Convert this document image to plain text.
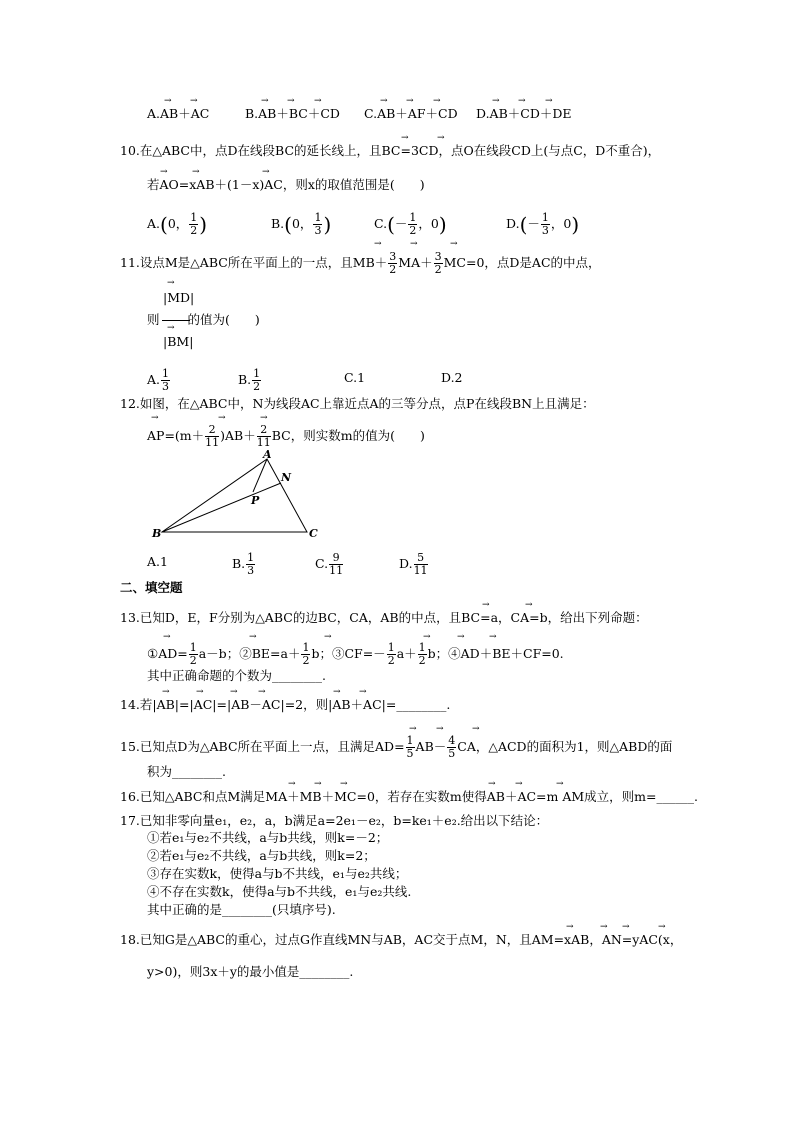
A.AB＋AC	B.AB＋BC＋CD C.AB＋AF＋CD D.AB＋CD＋DE
→ →	→ → →	→ → →	→ → →
10.在△ABC中，点D在线段BC的延长线上，且BC=3CD，点O在线段CD上(与点C，D不重合)，
→	→
若AO=xAB＋(1－x)AC，则x的取值范围是(　　)
→	→	→
A.(0， $\frac{1}{2}$ )	B.(0， $\frac{1}{3}$ )	$C.(- \frac{1}{2}$ ，0)	$D.(- \frac{1}{3}$ ，0)
11.设点M是△ABC所在平面上的一点，且$MB+ \frac{3}{2} MA+ \frac{3}{2} MC=0$，点D是AC的中点，
→	→	→
→
|MD|
则 的值为(　　)
→
|BM|
A. $\frac{1}{3}$	B. $\frac{1}{2}$	C.1	D.2
12.如图，在△ABC中，N为线段AC上靠近点A的三等分点，点P在线段BN上且满足：
$AP=(m+ \frac{2}{11} )AB+ \frac{2}{11}$ BC，则实数m的值为(　　)
→	→	→
A
N
P
B	C
A.1	B. $\frac{1}{3}$	C. $\frac{9}{11}$	D. $\frac{5}{11}$
二、填空题
13.已知D，E，F分别为△ABC的边BC，CA，AB的中点，且BC=a，CA=b，给出下列命题：
→	→
①AD= $\frac{1}{2} a-b$；②BE=a＋ $\frac{1}{2}$ b；③CF=－ $\frac{1}{2} a+ \frac{1}{2}$ b；④AD＋BE＋CF=0.
→	→	→	→	→	→
其中正确命题的个数为________.
14.若|AB|=|AC|=|AB－AC|=2，则|AB＋AC|=________.
→	→	→ →	→ →
15.已知点D为△ABC所在平面上一点，且满足$AD= \frac{1}{5} AB- \frac{4}{5}$ CA，△ACD的面积为1，则△ABD的面
→ →	→
积为________.
16.已知△ABC和点M满足MA＋MB＋MC=0，若存在实数m使得AB＋AC=m AM成立，则m=______.
→ → →	→ →	→
17.已知非零向量e₁，e₂，a，b满足a=2e₁－e₂，b=ke₁＋e₂.给出以下结论：
①若e₁与e₂不共线，a与b共线，则k=－2；
②若e₁与e₂不共线，a与b共线，则k=2；
③存在实数k，使得a与b不共线，e₁与e₂共线；
④不存在实数k，使得a与b不共线，e₁与e₂共线.
其中正确的是________(只填序号).
18.已知G是△ABC的重心，过点G作直线MN与AB，AC交于点M，N，且AM=xAB，AN=yAC(x，
→	→ →	→
y>0)，则3x＋y的最小值是________.
